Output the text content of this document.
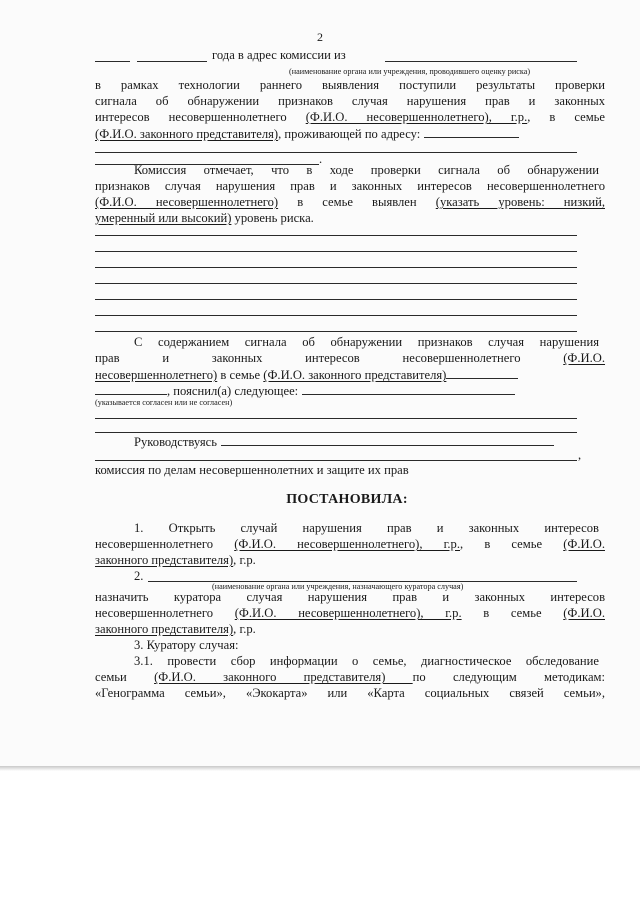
2
года в адрес комиссии из
(наименование органа или учреждения, проводившего оценку риска)
в рамках технологии раннего выявления поступили результаты проверки
сигнала об обнаружении признаков случая нарушения прав и законных
интересов несовершеннолетнего (Ф.И.О. несовершеннолетнего), г.р., в семье
(Ф.И.О. законного представителя), проживающей по адресу:
.
Комиссия отмечает, что в ходе проверки сигнала об обнаружении
признаков случая нарушения прав и законных интересов несовершеннолетнего
(Ф.И.О. несовершеннолетнего) в семье выявлен (указать уровень: низкий,
умеренный или высокий) уровень риска.
С содержанием сигнала об обнаружении признаков случая нарушения
прав	и	законных	интересов	несовершеннолетнего	(Ф.И.О.
несовершеннолетнего) в семье (Ф.И.О. законного представителя)
, пояснил(а) следующее:
(указывается согласен или не согласен)
Руководствуясь
,
комиссия по делам несовершеннолетних и защите их прав
ПОСТАНОВИЛА:
1. Открыть случай нарушения прав и законных интересов
несовершеннолетнего (Ф.И.О. несовершеннолетнего), г.р., в семье (Ф.И.О.
законного представителя), г.р.
2.
(наименование органа или учреждения, назначающего куратора случая)
назначить куратора случая нарушения прав и законных интересов
несовершеннолетнего (Ф.И.О. несовершеннолетнего), г.р. в семье (Ф.И.О.
законного представителя), г.р.
3. Куратору случая:
3.1. провести сбор информации о семье, диагностическое обследование
семьи (Ф.И.О. законного представителя) по следующим методикам:
«Генограмма семьи», «Экокарта» или «Карта социальных связей семьи»,
